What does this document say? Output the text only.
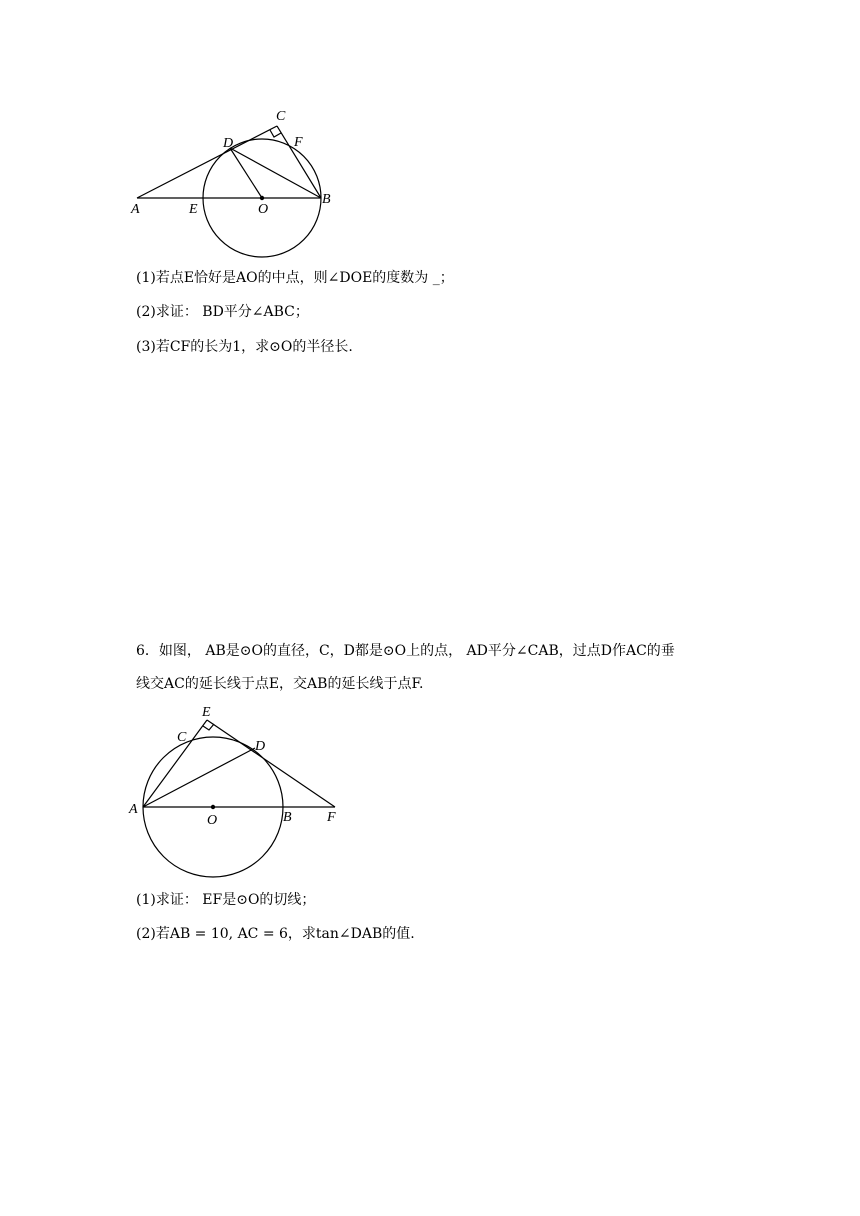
C
D	F
A	E	O
B
(1)若点E恰好是AO的中点，则∠DOE的度数为 _；
(2)求证： BD平分∠ABC；
(3)若CF的长为1，求⊙O的半径长.
6．如图， AB是⊙O的直径，C，D都是⊙O上的点， AD平分∠CAB，过点D作AC的垂
线交AC的延长线于点E，交AB的延长线于点F.
E
C
D
A
O	B	F
(1)求证： EF是⊙O的切线；
(2)若AB = 10, AC = 6，求tan∠DAB的值.
